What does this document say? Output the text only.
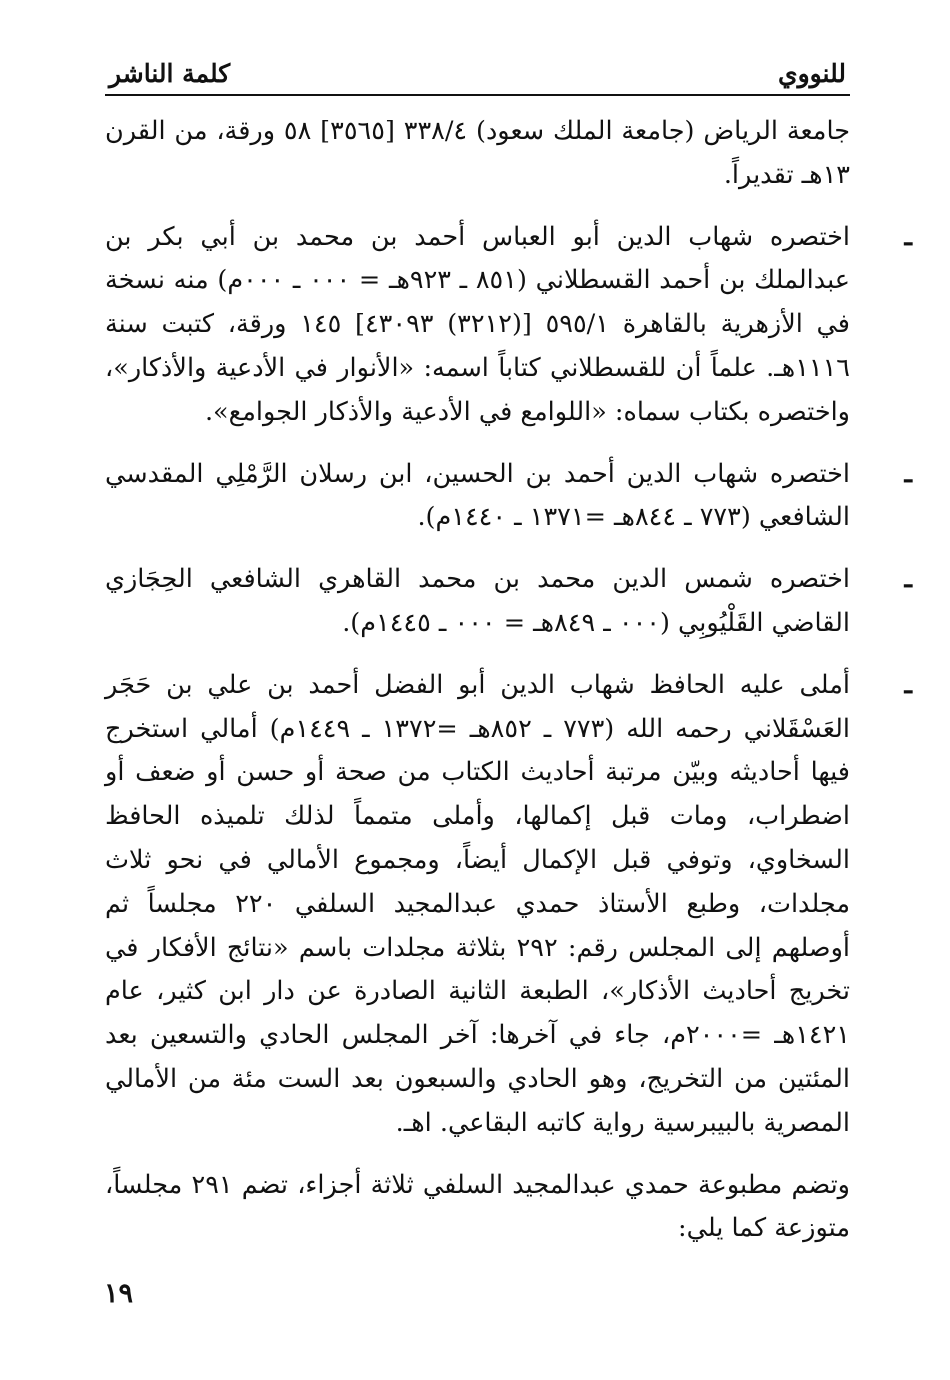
للنووي
كلمة الناشر

جامعة الرياض (جامعة الملك سعود) ٣٣٨/٤ [٣٥٦٥] ٥٨ ورقة، من القرن ١٣هـ تقديراً.

ـ
اختصره شهاب الدين أبو العباس أحمد بن محمد بن أبي بكر بن عبدالملك بن أحمد القسطلاني (٨٥١ ـ ٩٢٣هـ = ٠٠٠ ـ ٠٠٠م) منه نسخة في الأزهرية بالقاهرة ٥٩٥/١ [(٣٢١٢) ٤٣٠٩٣] ١٤٥ ورقة، كتبت سنة ١١١٦هـ. علماً أن للقسطلاني كتاباً اسمه: «الأنوار في الأدعية والأذكار»، واختصره بكتاب سماه: «اللوامع في الأدعية والأذكار الجوامع».

ـ
اختصره شهاب الدين أحمد بن الحسين، ابن رسلان الرَّمْلِي المقدسي الشافعي (٧٧٣ ـ ٨٤٤هـ =١٣٧١ ـ ١٤٤٠م).

ـ
اختصره شمس الدين محمد بن محمد القاهري الشافعي الحِجَازي القاضي القَلْيُوبِي (٠٠٠ ـ ٨٤٩هـ = ٠٠٠ ـ ١٤٤٥م).

ـ
أملى عليه الحافظ شهاب الدين أبو الفضل أحمد بن علي بن حَجَر العَسْقَلاني رحمه الله (٧٧٣ ـ ٨٥٢هـ =١٣٧٢ ـ ١٤٤٩م) أمالي استخرج فيها أحاديثه وبيّن مرتبة أحاديث الكتاب من صحة أو حسن أو ضعف أو اضطراب، ومات قبل إكمالها، وأملى متمماً لذلك تلميذه الحافظ السخاوي، وتوفي قبل الإكمال أيضاً، ومجموع الأمالي في نحو ثلاث مجلدات، وطبع الأستاذ حمدي عبدالمجيد السلفي ٢٢٠ مجلساً ثم أوصلهم إلى المجلس رقم: ٢٩٢ بثلاثة مجلدات باسم «نتائج الأفكار في تخريج أحاديث الأذكار»، الطبعة الثانية الصادرة عن دار ابن كثير، عام ١٤٢١هـ =٢٠٠٠م، جاء في آخرها: آخر المجلس الحادي والتسعين بعد المئتين من التخريج، وهو الحادي والسبعون بعد الست مئة من الأمالي المصرية بالبيبرسية رواية كاتبه البقاعي. اهـ.

وتضم مطبوعة حمدي عبدالمجيد السلفي ثلاثة أجزاء، تضم ٢٩١ مجلساً، متوزعة كما يلي:

١٩
